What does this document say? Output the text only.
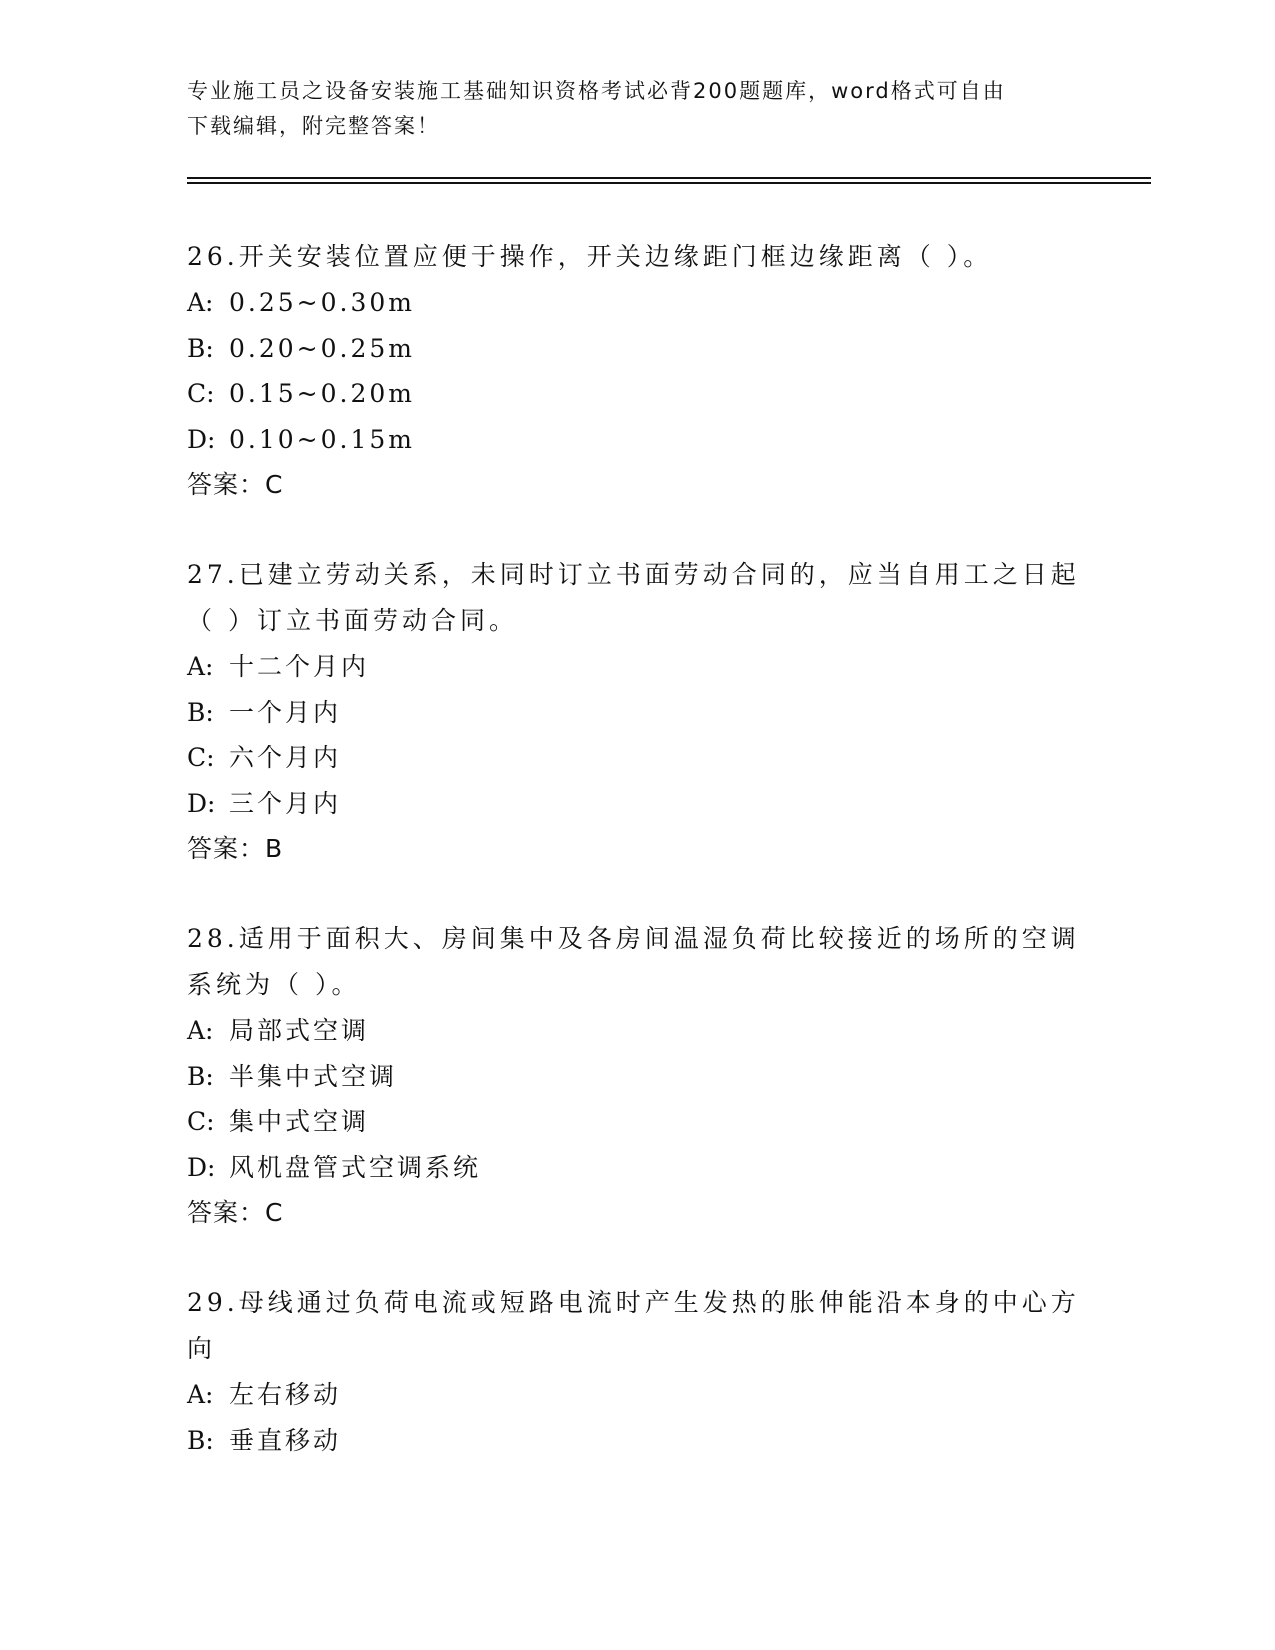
专业施工员之设备安装施工基础知识资格考试必背200题题库，word格式可自由
下载编辑，附完整答案！
26.开关安装位置应便于操作，开关边缘距门框边缘距离（ ）。
A: 0.25~0.30m
B: 0.20~0.25m
C: 0.15~0.20m
D: 0.10~0.15m
答案：C
27.已建立劳动关系，未同时订立书面劳动合同的，应当自用工之日起
（ ）订立书面劳动合同。
A: 十二个月内
B: 一个月内
C: 六个月内
D: 三个月内
答案：B
28.适用于面积大、房间集中及各房间温湿负荷比较接近的场所的空调
系统为（ ）。
A: 局部式空调
B: 半集中式空调
C: 集中式空调
D: 风机盘管式空调系统
答案：C
29.母线通过负荷电流或短路电流时产生发热的胀伸能沿本身的中心方
向
A: 左右移动
B: 垂直移动
